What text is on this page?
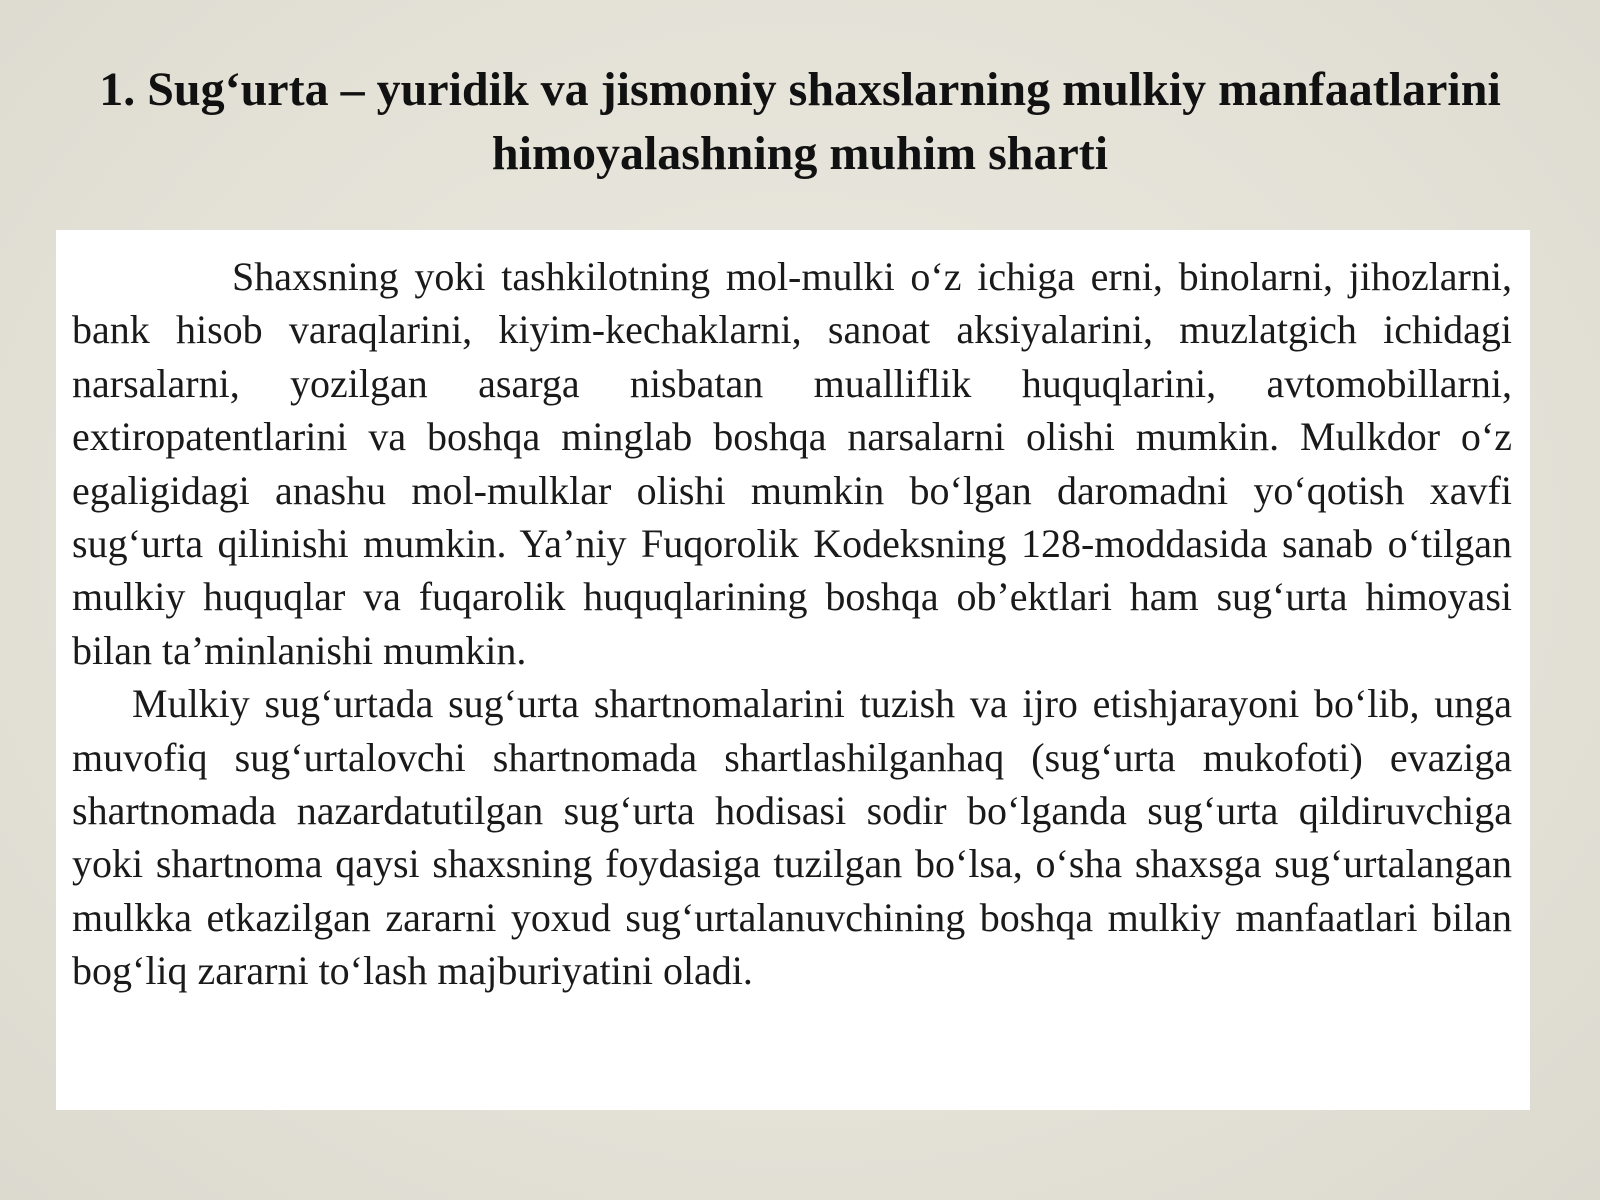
1. Sug‘urta – yuridik va jismoniy shaxslarning mulkiy manfaatlarini himoyalashning muhim sharti

Shaxsning yoki tashkilotning mol-mulki o‘z ichiga erni, binolarni, jihozlarni, bank hisob varaqlarini, kiyim-kechaklarni, sanoat aksiyalarini, muzlatgich ichidagi narsalarni, yozilgan asarga nisbatan mualliflik huquqlarini, avtomobillarni, extiropatentlarini va boshqa minglab boshqa narsalarni olishi mumkin. Mulkdor o‘z egaligidagi anashu mol-mulklar olishi mumkin bo‘lgan daromadni yo‘qotish xavfi sug‘urta qilinishi mumkin. Ya’niy Fuqorolik Kodeksning 128-moddasida sanab o‘tilgan mulkiy huquqlar va fuqarolik huquqlarining boshqa ob’ektlari ham sug‘urta himoyasi bilan ta’minlanishi mumkin.

Mulkiy sug‘urtada sug‘urta shartnomalarini tuzish va ijro etishjarayoni bo‘lib, unga muvofiq sug‘urtalovchi shartnomada shartlashilganhaq (sug‘urta mukofoti) evaziga shartnomada nazardatutilgan sug‘urta hodisasi sodir bo‘lganda sug‘urta qildiruvchiga yoki shartnoma qaysi shaxsning foydasiga tuzilgan bo‘lsa, o‘sha shaxsga sug‘urtalangan mulkka etkazilgan zararni yoxud sug‘urtalanuvchining boshqa mulkiy manfaatlari bilan bog‘liq zararni to‘lash majburiyatini oladi.
